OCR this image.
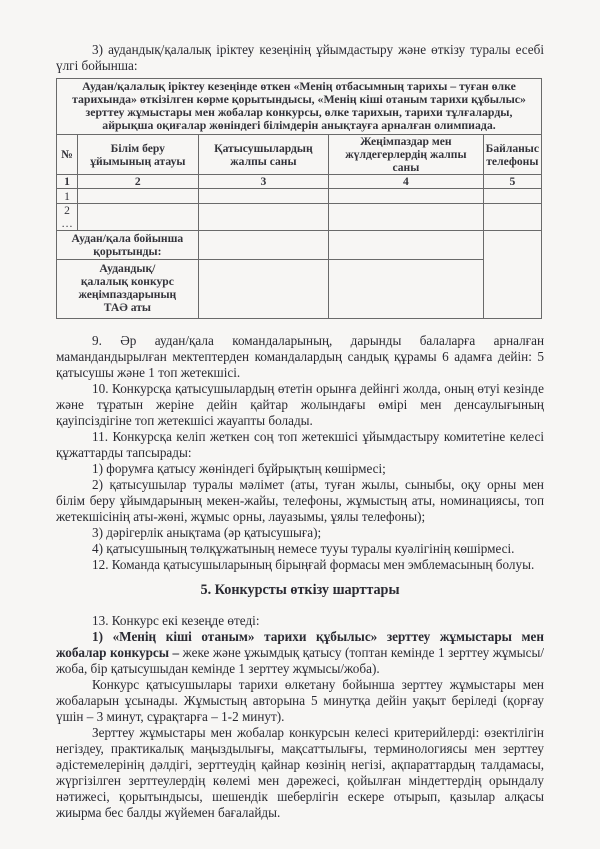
3) аудандық/қалалық іріктеу кезеңінің ұйымдастыру және өткізу туралы есебі үлгі бойынша:

Аудан/қалалық іріктеу кезеңінде өткен «Менің отбасымның тарихы – туған өлке тарихында» өткізілген көрме қорытындысы, «Менің кіші отаным тарихи құбылыс» зерттеу жұмыстары мен жобалар конкурсы, өлке тарихын, тарихи тұлғаларды, айрықша оқиғалар жөніндегі білімдерін анықтауға арналған олимпиада.				
№	Білім беру ұйымының атауы	Қатысушылардың жалпы саны	Жеңімпаздар мен жүлдегерлердің жалпы саны	Байланыс телефоны
1	2	3	4	5
1				
2
…				
Аудан/қала бойынша қорытынды:				
Аудандық/қалалық конкурс жеңімпаздарының ТАӘ аты				

9. Әр аудан/қала командаларының, дарынды балаларға арналған мамандандырылған мектептерден командалардың сандық құрамы 6 адамға дейін: 5 қатысушы және 1 топ жетекшісі.

10. Конкурсқа қатысушылардың өтетін орынға дейінгі жолда, оның өтуі кезінде және тұратын жеріне дейін қайтар жолындағы өмірі мен денсаулығының қауіпсіздігіне топ жетекшісі жауапты болады.

11. Конкурсқа келіп жеткен соң топ жетекшісі ұйымдастыру комитетіне келесі құжаттарды тапсырады:

1) форумға қатысу жөніндегі бұйрықтың көшірмесі;

2) қатысушылар туралы мәлімет (аты, туған жылы, сыныбы, оқу орны мен білім беру ұйымдарының мекен-жайы, телефоны, жұмыстың аты, номинациясы, топ жетекшісінің аты-жөні, жұмыс орны, лауазымы, ұялы телефоны);

3) дәрігерлік анықтама (әр қатысушыға);

4) қатысушының төлқұжатының немесе тууы туралы куәлігінің көшірмесі.

12. Команда қатысушыларының бірыңғай формасы мен эмблемасының болуы.

5. Конкурсты өткізу шарттары

13. Конкурс екі кезеңде өтеді:

1) «Менің кіші отаным» тарихи құбылыс» зерттеу жұмыстары мен жобалар конкурсы – жеке және ұжымдық қатысу (топтан кемінде 1 зерттеу жұмысы/жоба, бір қатысушыдан кемінде 1 зерттеу жұмысы/жоба).

Конкурс қатысушылары тарихи өлкетану бойынша зерттеу жұмыстары мен жобаларын ұсынады. Жұмыстың авторына 5 минутқа дейін уақыт беріледі (қорғау үшін – 3 минут, сұрақтарға – 1-2 минут).

Зерттеу жұмыстары мен жобалар конкурсын келесі критерийлерді: өзектілігін негіздеу, практикалық маңыздылығы, мақсаттылығы, терминологиясы мен зерттеу әдістемелерінің дәлдігі, зерттеудің қайнар көзінің негізі, ақпараттардың талдамасы, жүргізілген зерттеулердің көлемі мен дәрежесі, қойылған міндеттердің орындалу нәтижесі, қорытындысы, шешендік шеберлігін ескере отырып, қазылар алқасы жиырма бес балды жүйемен бағалайды.
